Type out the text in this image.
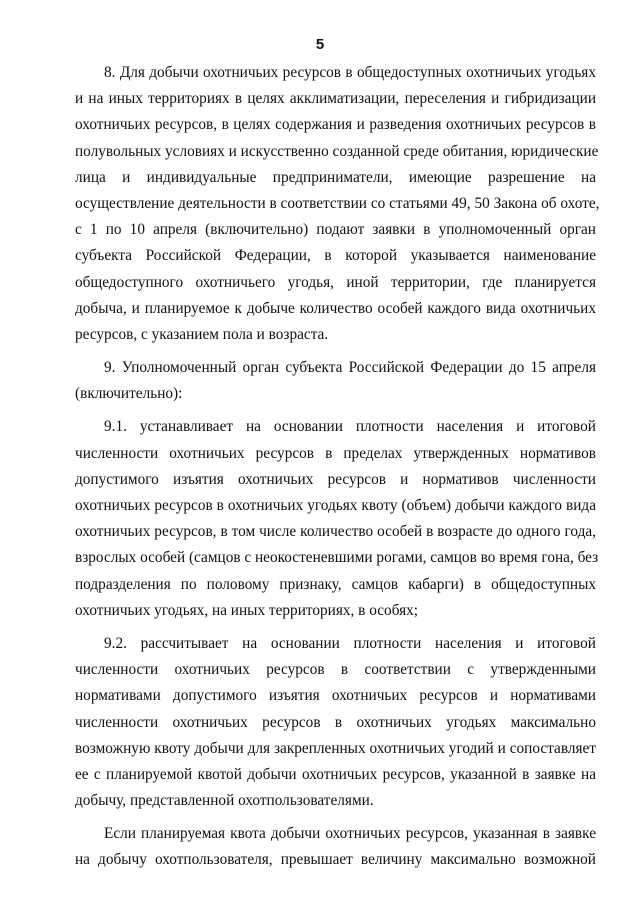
5
8. Для добычи охотничьих ресурсов в общедоступных охотничьих угодьях
и на иных территориях в целях акклиматизации, переселения и гибридизации
охотничьих ресурсов, в целях содержания и разведения охотничьих ресурсов в
полувольных условиях и искусственно созданной среде обитания, юридические
лица и индивидуальные предприниматели, имеющие разрешение на
осуществление деятельности в соответствии со статьями 49, 50 Закона об охоте,
с 1 по 10 апреля (включительно) подают заявки в уполномоченный орган
субъекта Российской Федерации, в которой указывается наименование
общедоступного охотничьего угодья, иной территории, где планируется
добыча, и планируемое к добыче количество особей каждого вида охотничьих
ресурсов, с указанием пола и возраста.
9. Уполномоченный орган субъекта Российской Федерации до 15 апреля
(включительно):
9.1. устанавливает на основании плотности населения и итоговой
численности охотничьих ресурсов в пределах утвержденных нормативов
допустимого изъятия охотничьих ресурсов и нормативов численности
охотничьих ресурсов в охотничьих угодьях квоту (объем) добычи каждого вида
охотничьих ресурсов, в том числе количество особей в возрасте до одного года,
взрослых особей (самцов с неокостеневшими рогами, самцов во время гона, без
подразделения по половому признаку, самцов кабарги) в общедоступных
охотничьих угодьях, на иных территориях, в особях;
9.2. рассчитывает на основании плотности населения и итоговой
численности охотничьих ресурсов в соответствии с утвержденными
нормативами допустимого изъятия охотничьих ресурсов и нормативами
численности охотничьих ресурсов в охотничьих угодьях максимально
возможную квоту добычи для закрепленных охотничьих угодий и сопоставляет
ее с планируемой квотой добычи охотничьих ресурсов, указанной в заявке на
добычу, представленной охотпользователями.
Если планируемая квота добычи охотничьих ресурсов, указанная в заявке
на добычу охотпользователя, превышает величину максимально возможной
